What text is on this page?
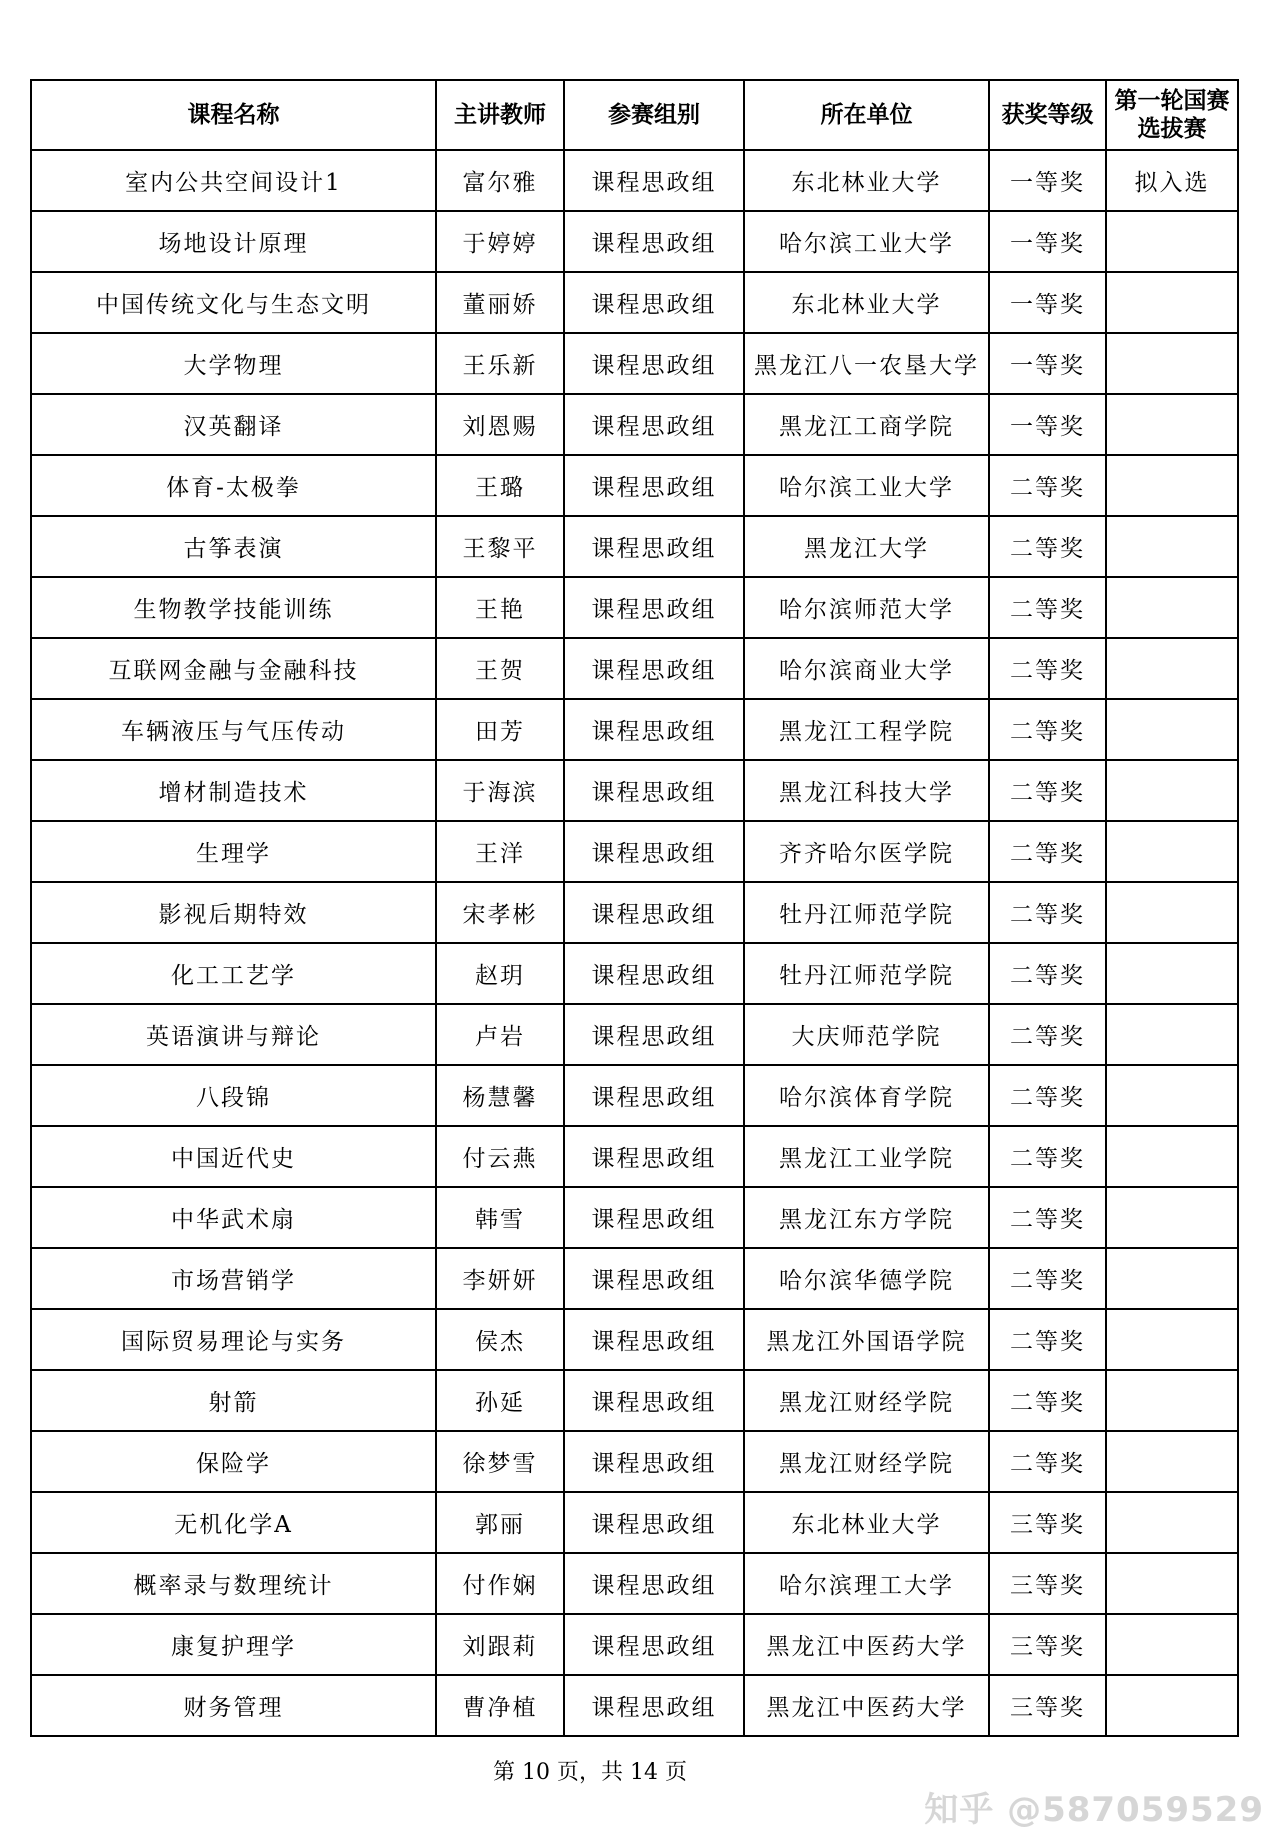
课程名称	主讲教师	参赛组别	所在单位	获奖等级	第一轮国赛选拔赛
室内公共空间设计1	富尔雅	课程思政组	东北林业大学	一等奖	拟入选
场地设计原理	于婷婷	课程思政组	哈尔滨工业大学	一等奖	
中国传统文化与生态文明	董丽娇	课程思政组	东北林业大学	一等奖	
大学物理	王乐新	课程思政组	黑龙江八一农垦大学	一等奖	
汉英翻译	刘恩赐	课程思政组	黑龙江工商学院	一等奖	
体育-太极拳	王璐	课程思政组	哈尔滨工业大学	二等奖	
古筝表演	王黎平	课程思政组	黑龙江大学	二等奖	
生物教学技能训练	王艳	课程思政组	哈尔滨师范大学	二等奖	
互联网金融与金融科技	王贺	课程思政组	哈尔滨商业大学	二等奖	
车辆液压与气压传动	田芳	课程思政组	黑龙江工程学院	二等奖	
增材制造技术	于海滨	课程思政组	黑龙江科技大学	二等奖	
生理学	王洋	课程思政组	齐齐哈尔医学院	二等奖	
影视后期特效	宋孝彬	课程思政组	牡丹江师范学院	二等奖	
化工工艺学	赵玥	课程思政组	牡丹江师范学院	二等奖	
英语演讲与辩论	卢岩	课程思政组	大庆师范学院	二等奖	
八段锦	杨慧馨	课程思政组	哈尔滨体育学院	二等奖	
中国近代史	付云燕	课程思政组	黑龙江工业学院	二等奖	
中华武术扇	韩雪	课程思政组	黑龙江东方学院	二等奖	
市场营销学	李妍妍	课程思政组	哈尔滨华德学院	二等奖	
国际贸易理论与实务	侯杰	课程思政组	黑龙江外国语学院	二等奖	
射箭	孙延	课程思政组	黑龙江财经学院	二等奖	
保险学	徐梦雪	课程思政组	黑龙江财经学院	二等奖	
无机化学A	郭丽	课程思政组	东北林业大学	三等奖	
概率录与数理统计	付作娴	课程思政组	哈尔滨理工大学	三等奖	
康复护理学	刘跟莉	课程思政组	黑龙江中医药大学	三等奖	
财务管理	曹净植	课程思政组	黑龙江中医药大学	三等奖	
第 10 页，共 14 页
知乎 @587059529
